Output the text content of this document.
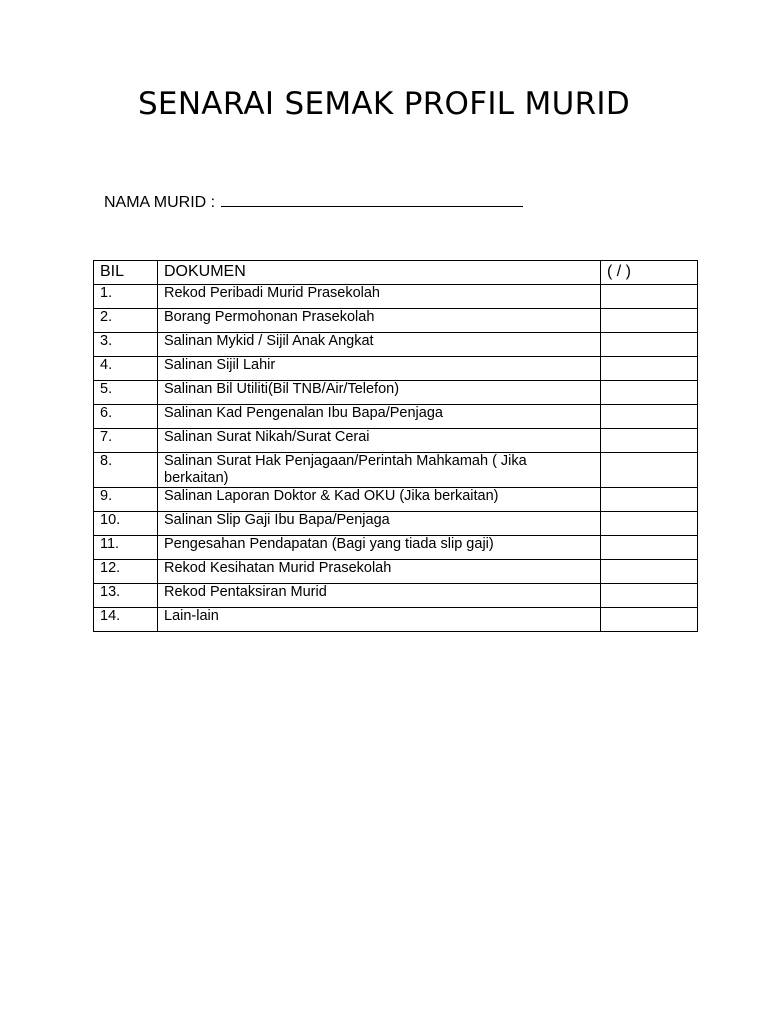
SENARAI SEMAK PROFIL MURID
NAMA MURID :
BIL	DOKUMEN	( / )
1.	Rekod Peribadi Murid Prasekolah	
2.	Borang Permohonan Prasekolah	
3.	Salinan Mykid / Sijil Anak Angkat	
4.	Salinan Sijil Lahir	
5.	Salinan Bil Utiliti(Bil TNB/Air/Telefon)	
6.	Salinan Kad Pengenalan Ibu Bapa/Penjaga	
7.	Salinan Surat Nikah/Surat Cerai	
8.	Salinan Surat Hak Penjagaan/Perintah Mahkamah ( Jika berkaitan)	
9.	Salinan Laporan Doktor & Kad OKU (Jika berkaitan)	
10.	Salinan Slip Gaji Ibu Bapa/Penjaga	
11.	Pengesahan Pendapatan (Bagi yang tiada slip gaji)	
12.	Rekod Kesihatan Murid Prasekolah	
13.	Rekod Pentaksiran Murid	
14.	Lain-lain	
